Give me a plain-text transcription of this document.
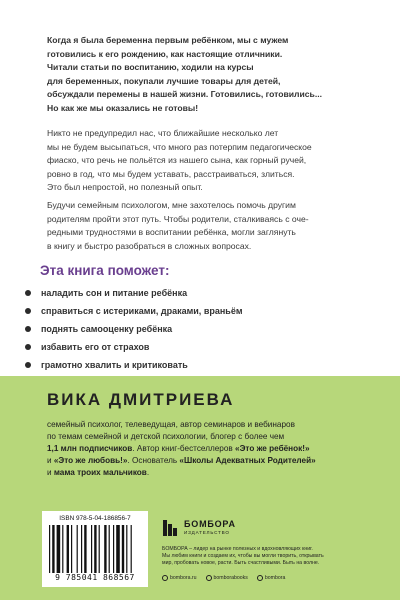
Когда я была беременна первым ребёнком, мы с мужем
готовились к его рождению, как настоящие отличники.
Читали статьи по воспитанию, ходили на курсы
для беременных, покупали лучшие товары для детей,
обсуждали перемены в нашей жизни. Готовились, готовились...
Но как же мы оказались не готовы!
Никто не предупредил нас, что ближайшие несколько лет
мы не будем высыпаться, что много раз потерпим педагогическое
фиаско, что речь не польётся из нашего сына, как горный ручей,
ровно в год, что мы будем уставать, расстраиваться, злиться.
Это был непростой, но полезный опыт.
Будучи семейным психологом, мне захотелось помочь другим
родителям пройти этот путь. Чтобы родители, сталкиваясь с оче-
редными трудностями в воспитании ребёнка, могли заглянуть
в книгу и быстро разобраться в сложных вопросах.
Эта книга поможет:
наладить сон и питание ребёнка
справиться с истериками, драками, враньём
поднять самооценку ребёнка
избавить его от страхов
грамотно хвалить и критиковать
ВИКА ДМИТРИЕВА
семейный психолог, телеведущая, автор семинаров и вебинаров
по темам семейной и детской психологии, блогер с более чем
1,1 млн подписчиков. Автор книг-бестселлеров «Это же ребёнок!»
и «Это же любовь!». Основатель «Школы Адекватных Родителей»
и мама троих мальчиков.
ISBN 978-5-04-186856-7
9 785041 868567
БОМБОРА
ИЗДАТЕЛЬСТВО
БОМБОРА – лидер на рынке полезных и вдохновляющих книг.
Мы любим книги и создаем их, чтобы вы могли творить, открывать
мир, пробовать новое, расти. Быть счастливыми. Быть на волне.
bombora.ru	bomborabooks	bombora
